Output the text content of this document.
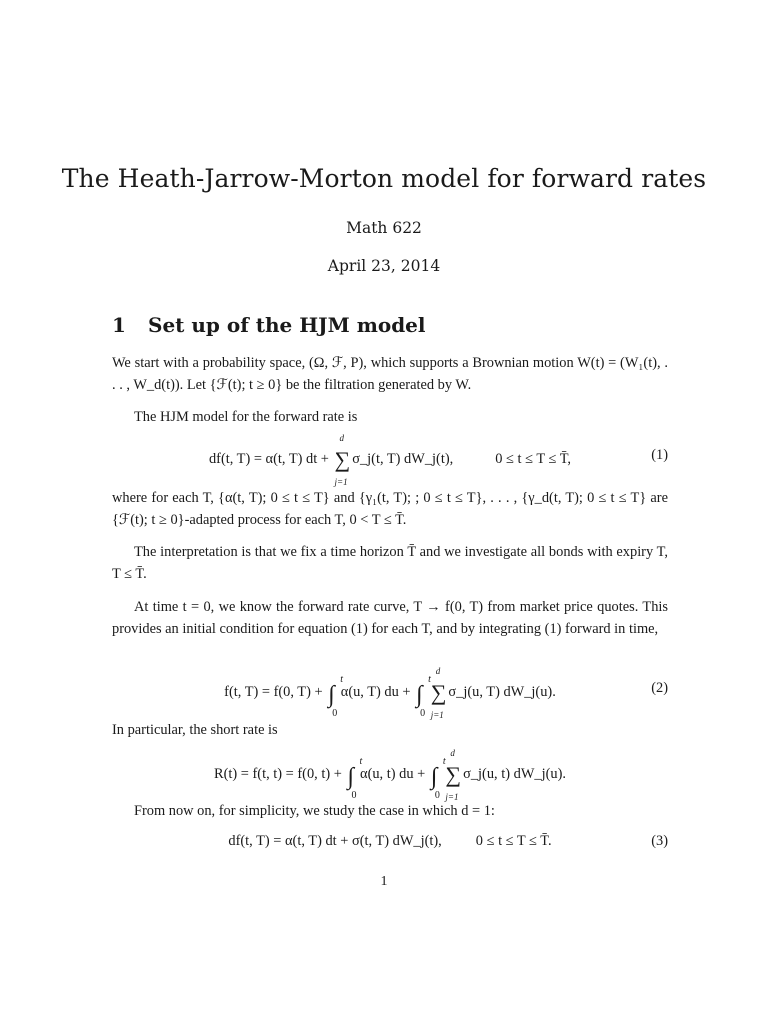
The Heath-Jarrow-Morton model for forward rates
Math 622
April 23, 2014
1 Set up of the HJM model
We start with a probability space, (Ω, ℱ, P), which supports a Brownian motion W(t) = (W₁(t), . . . , W_d(t)). Let {ℱ(t); t ≥ 0} be the filtration generated by W.
The HJM model for the forward rate is
df(t, T) = α(t, T) dt + ∑
d
j=1
σ_j(t, T) dW_j(t),	0 ≤ t ≤ T ≤ T̄,	(1)
where for each T, {α(t, T); 0 ≤ t ≤ T} and {γ₁(t, T); ; 0 ≤ t ≤ T}, . . . , {γ_d(t, T); 0 ≤ t ≤ T} are {ℱ(t); t ≥ 0}-adapted process for each T, 0 < T ≤ T̄.
The interpretation is that we fix a time horizon T̄ and we investigate all bonds with expiry T, T ≤ T̄.
At time t = 0, we know the forward rate curve, T → f(0, T) from market price quotes. This provides an initial condition for equation (1) for each T, and by integrating (1) forward in time,
f(t, T) = f(0, T) + ∫
t
0
α(u, T) du + ∫
t
0
∑
d
j=1
σ_j(u, T) dW_j(u).	(2)
In particular, the short rate is
R(t) = f(t, t) = f(0, t) + ∫
t
0
α(u, t) du + ∫
t
0
∑
d
j=1
σ_j(u, t) dW_j(u).
From now on, for simplicity, we study the case in which d = 1:
df(t, T) = α(t, T) dt + σ(t, T) dW_j(t), 0 ≤ t ≤ T ≤ T̄.	(3)
1
